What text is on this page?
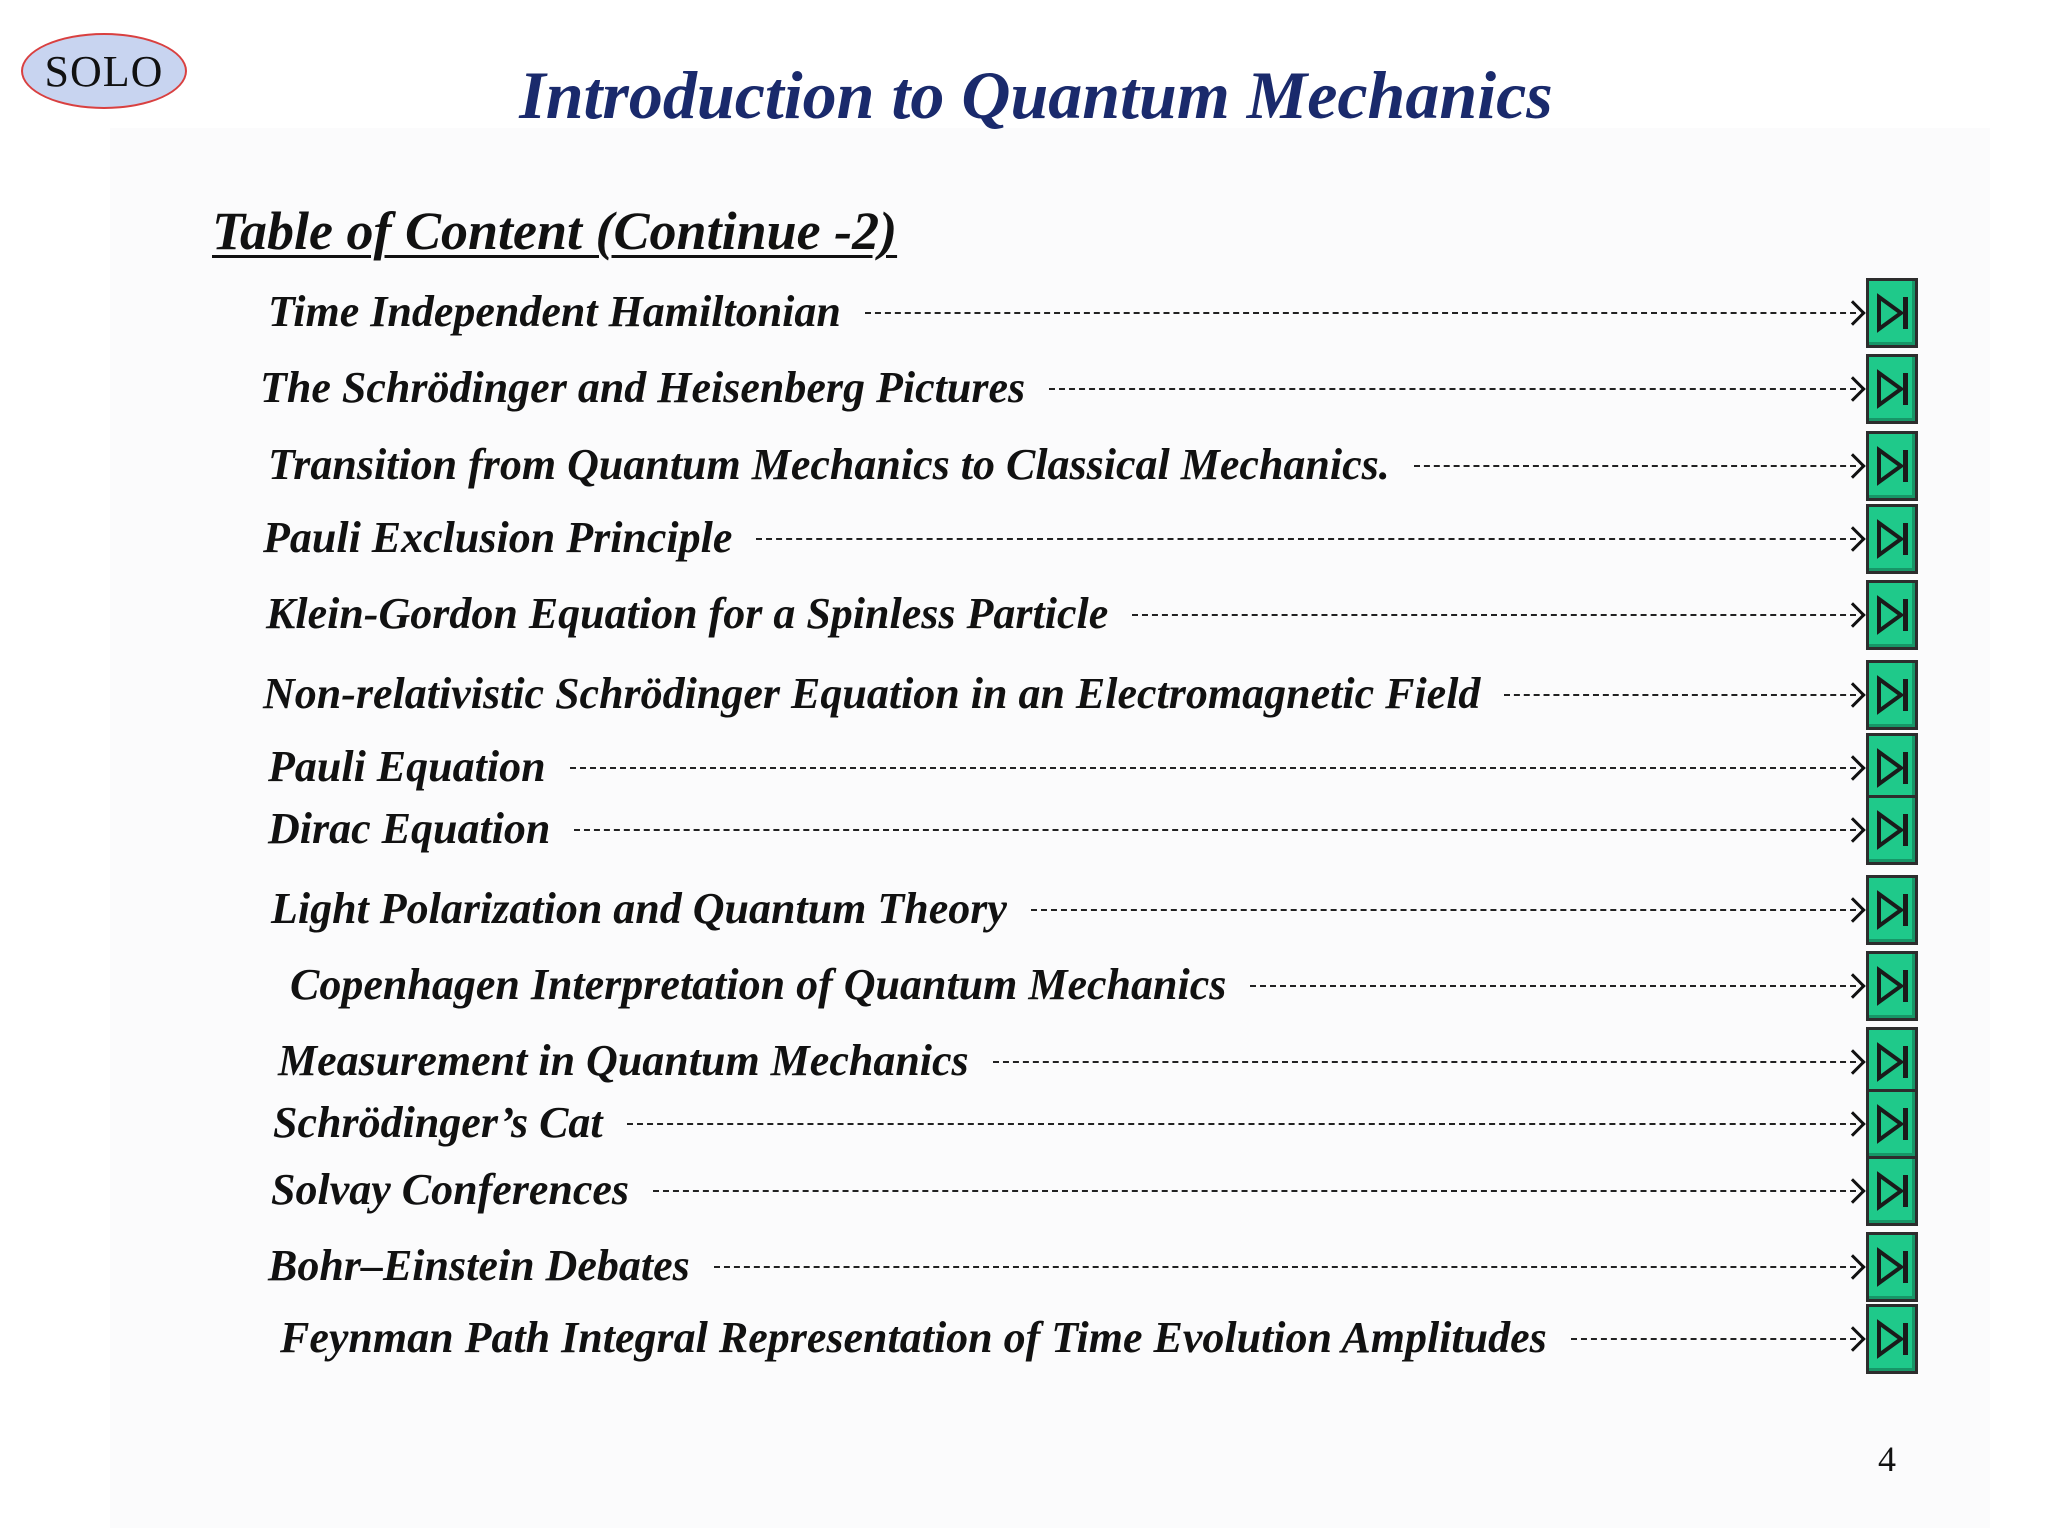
SOLO	Introduction to Quantum Mechanics
Table of Content (Continue -2)
Time Independent Hamiltonian
The Schrödinger and Heisenberg Pictures
Transition from Quantum Mechanics to Classical Mechanics.
Pauli Exclusion Principle
Klein-Gordon Equation for a Spinless Particle
Non-relativistic Schrödinger Equation in an Electromagnetic Field
Pauli Equation
Dirac Equation
Light Polarization and Quantum Theory
Copenhagen Interpretation of Quantum Mechanics
Measurement in Quantum Mechanics
Schrödinger’s Cat
Solvay Conferences
Bohr–Einstein Debates
Feynman Path Integral Representation of Time Evolution Amplitudes
4
